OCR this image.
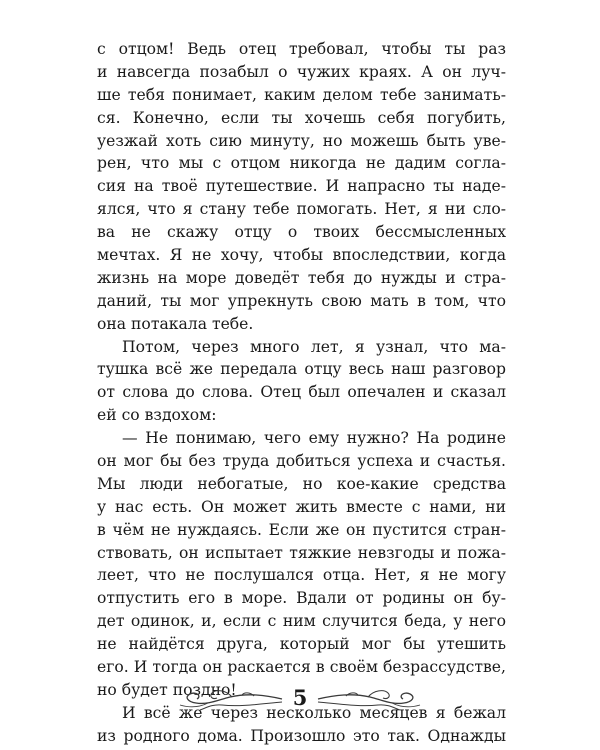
с отцом! Ведь отец требовал, чтобы ты раз
и навсегда позабыл о чужих краях. А он луч-
ше тебя понимает, каким делом тебе занимать-
ся. Конечно, если ты хочешь себя погубить,
уезжай хоть сию минуту, но можешь быть уве-
рен, что мы с отцом никогда не дадим согла-
сия на твоё путешествие. И напрасно ты наде-
ялся, что я стану тебе помогать. Нет, я ни сло-
ва не скажу отцу о твоих бессмысленных
мечтах. Я не хочу, чтобы впоследствии, когда
жизнь на море доведёт тебя до нужды и стра-
даний, ты мог упрекнуть свою мать в том, что
она потакала тебе.
Потом, через много лет, я узнал, что ма-
тушка всё же передала отцу весь наш разговор
от слова до слова. Отец был опечален и сказал
ей со вздохом:
— Не понимаю, чего ему нужно? На родине
он мог бы без труда добиться успеха и счастья.
Мы люди небогатые, но кое-какие средства
у нас есть. Он может жить вместе с нами, ни
в чём не нуждаясь. Если же он пустится стран-
ствовать, он испытает тяжкие невзгоды и пожа-
леет, что не послушался отца. Нет, я не могу
отпустить его в море. Вдали от родины он бу-
дет одинок, и, если с ним случится беда, у него
не найдётся друга, который мог бы утешить
его. И тогда он раскается в своём безрассудстве,
но будет поздно!
И всё же через несколько месяцев я бежал
из родного дома. Произошло это так. Однажды
5
